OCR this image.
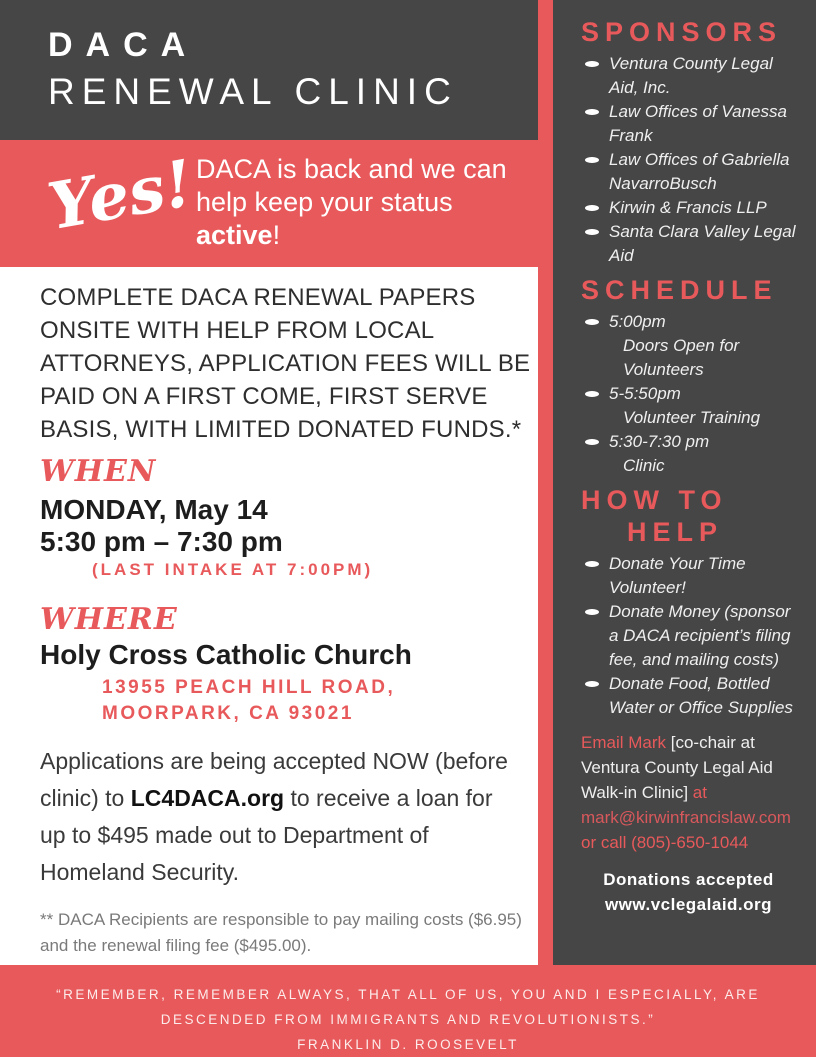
DACA
RENEWAL CLINIC
Yes!
DACA is back and we can help keep your status active!

COMPLETE DACA RENEWAL PAPERS ONSITE WITH HELP FROM LOCAL ATTORNEYS, APPLICATION FEES WILL BE PAID ON A FIRST COME, FIRST SERVE BASIS, WITH LIMITED DONATED FUNDS.*

WHEN
MONDAY, May 14
5:30 pm – 7:30 pm
(LAST INTAKE AT 7:00PM)
WHERE
Holy Cross Catholic Church
13955 PEACH HILL ROAD,
MOORPARK, CA 93021

Applications are being accepted NOW (before clinic) to LC4DACA.org to receive a loan for up to $495 made out to Department of Homeland Security.

** DACA Recipients are responsible to pay mailing costs ($6.95) and the renewal filing fee ($495.00).

SPONSORS
Ventura County Legal Aid, Inc.
Law Offices of Vanessa Frank
Law Offices of Gabriella NavarroBusch
Kirwin & Francis LLP
Santa Clara Valley Legal Aid
SCHEDULE
5:00pm
Doors Open for Volunteers
5-5:50pm
Volunteer Training
5:30-7:30 pm
Clinic
HOW TO
HELP
Donate Your Time Volunteer!
Donate Money (sponsor a DACA recipient’s filing fee, and mailing costs)
Donate Food, Bottled Water or Office Supplies

Email Mark [co-chair at Ventura County Legal Aid Walk-in Clinic] at mark@kirwinfrancislaw.com or call (805)-650-1044

Donations accepted
www.vclegalaid.org
“REMEMBER, REMEMBER ALWAYS, THAT ALL OF US, YOU AND I ESPECIALLY, ARE
DESCENDED FROM IMMIGRANTS AND REVOLUTIONISTS.”
FRANKLIN D. ROOSEVELT
